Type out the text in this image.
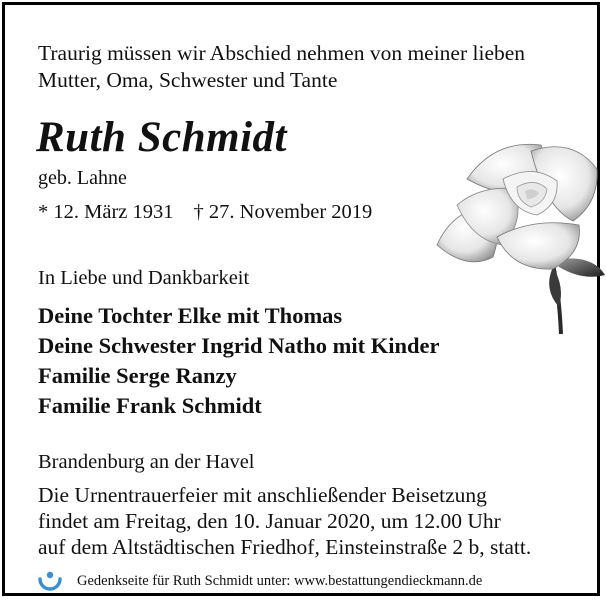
Traurig müssen wir Abschied nehmen von meiner lieben
Mutter, Oma, Schwester und Tante
Ruth Schmidt
geb. Lahne
* 12. März 1931 † 27. November 2019
In Liebe und Dankbarkeit
Deine Tochter Elke mit Thomas
Deine Schwester Ingrid Natho mit Kinder
Familie Serge Ranzy
Familie Frank Schmidt
Brandenburg an der Havel
Die Urnentrauerfeier mit anschließender Beisetzung
findet am Freitag, den 10. Januar 2020, um 12.00 Uhr
auf dem Altstädtischen Friedhof, Einsteinstraße 2 b, statt.
Gedenkseite für Ruth Schmidt unter: www.bestattungendieckmann.de
